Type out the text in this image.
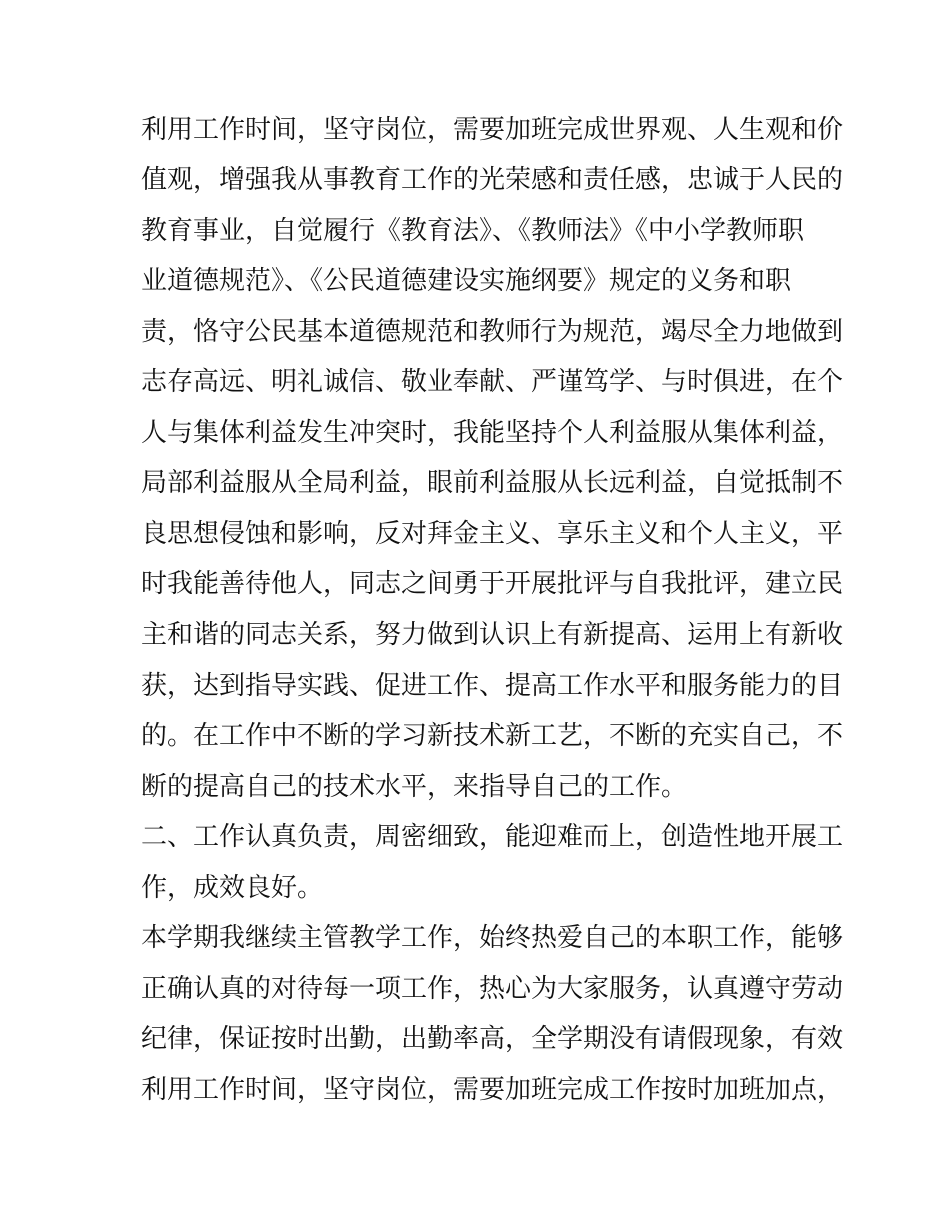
利用工作时间，坚守岗位，需要加班完成世界观、人生观和价
值观，增强我从事教育工作的光荣感和责任感，忠诚于人民的
教育事业，自觉履行《教育法》、《教师法》《中小学教师职
业道德规范》、《公民道德建设实施纲要》规定的义务和职
责，恪守公民基本道德规范和教师行为规范，竭尽全力地做到
志存高远、明礼诚信、敬业奉献、严谨笃学、与时俱进，在个
人与集体利益发生冲突时，我能坚持个人利益服从集体利益，
局部利益服从全局利益，眼前利益服从长远利益，自觉抵制不
良思想侵蚀和影响，反对拜金主义、享乐主义和个人主义，平
时我能善待他人，同志之间勇于开展批评与自我批评，建立民
主和谐的同志关系，努力做到认识上有新提高、运用上有新收
获，达到指导实践、促进工作、提高工作水平和服务能力的目
的。在工作中不断的学习新技术新工艺，不断的充实自己，不
断的提高自己的技术水平，来指导自己的工作。
二、工作认真负责，周密细致，能迎难而上，创造性地开展工
作，成效良好。
本学期我继续主管教学工作，始终热爱自己的本职工作，能够
正确认真的对待每一项工作，热心为大家服务，认真遵守劳动
纪律，保证按时出勤，出勤率高，全学期没有请假现象，有效
利用工作时间，坚守岗位，需要加班完成工作按时加班加点，
